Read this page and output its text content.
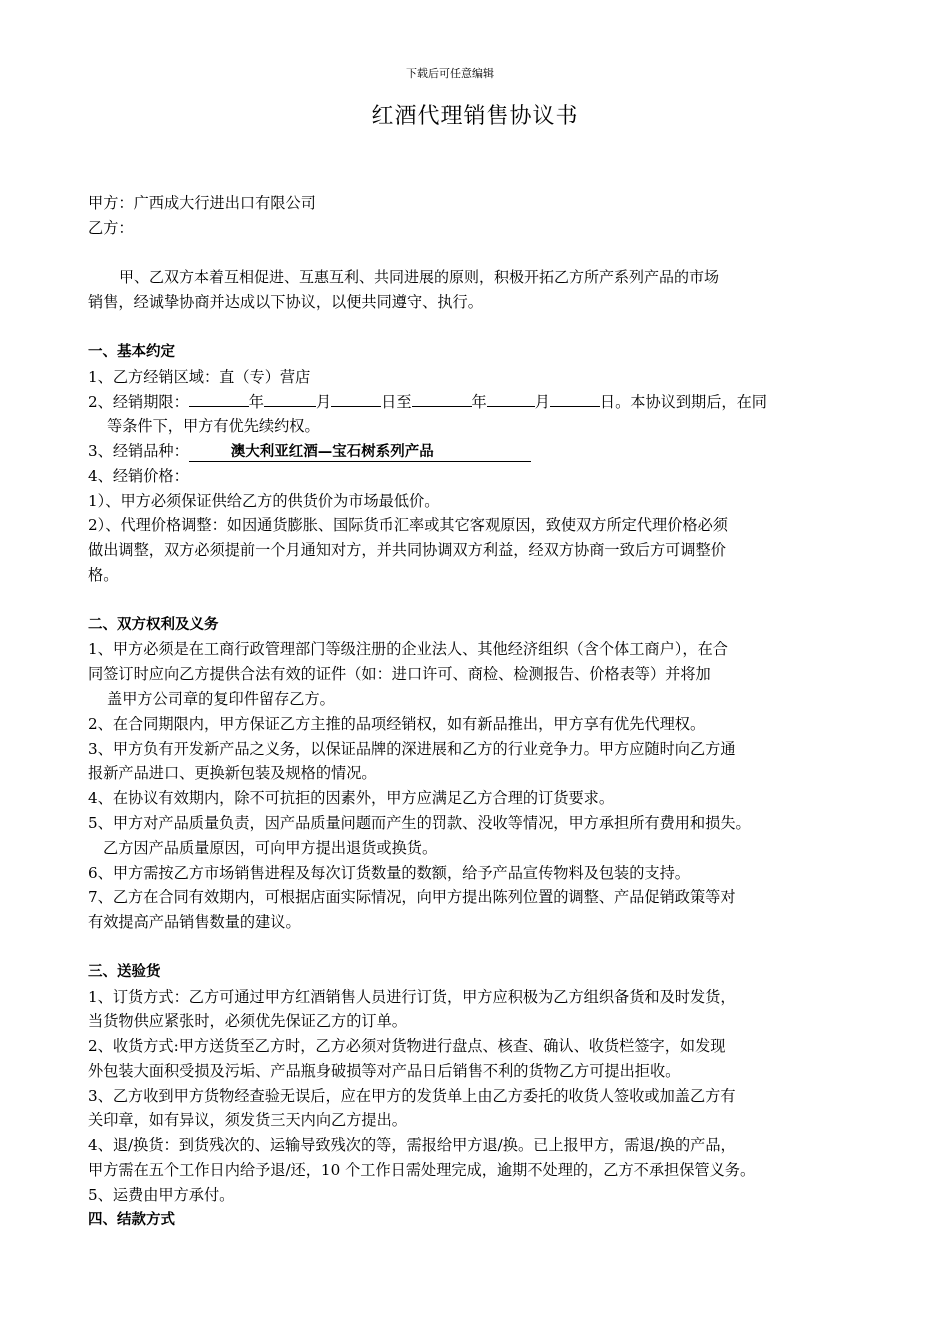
下载后可任意编辑
红酒代理销售协议书
甲方：广西成大行进出口有限公司
乙方：
甲、乙双方本着互相促进、互惠互利、共同进展的原则，积极开拓乙方所产系列产品的市场
销售，经诚挚协商并达成以下协议，以便共同遵守、执行。
一、基本约定
1、乙方经销区域：直（专）营店
2、经销期限：	年	月	日至	年	月	日。本协议到期后，在同
等条件下，甲方有优先续约权。
3、经销品种：	澳大利亚红酒—宝石树系列产品
4、经销价格：
1）、甲方必须保证供给乙方的供货价为市场最低价。
2）、代理价格调整：如因通货膨胀、国际货币汇率或其它客观原因，致使双方所定代理价格必须
做出调整，双方必须提前一个月通知对方，并共同协调双方利益，经双方协商一致后方可调整价
格。
二、双方权利及义务
1、甲方必须是在工商行政管理部门等级注册的企业法人、其他经济组织（含个体工商户），在合
同签订时应向乙方提供合法有效的证件（如：进口许可、商检、检测报告、价格表等）并将加
盖甲方公司章的复印件留存乙方。
2、在合同期限内，甲方保证乙方主推的品项经销权，如有新品推出，甲方享有优先代理权。
3、甲方负有开发新产品之义务，以保证品牌的深进展和乙方的行业竞争力。甲方应随时向乙方通
报新产品进口、更换新包装及规格的情况。
4、在协议有效期内，除不可抗拒的因素外，甲方应满足乙方合理的订货要求。
5、甲方对产品质量负责，因产品质量问题而产生的罚款、没收等情况，甲方承担所有费用和损失。
乙方因产品质量原因，可向甲方提出退货或换货。
6、甲方需按乙方市场销售进程及每次订货数量的数额，给予产品宣传物料及包装的支持。
7、乙方在合同有效期内，可根据店面实际情况，向甲方提出陈列位置的调整、产品促销政策等对
有效提高产品销售数量的建议。
三、送验货
1、订货方式：乙方可通过甲方红酒销售人员进行订货，甲方应积极为乙方组织备货和及时发货，
当货物供应紧张时，必须优先保证乙方的订单。
2、收货方式:甲方送货至乙方时，乙方必须对货物进行盘点、核查、确认、收货栏签字，如发现
外包装大面积受损及污垢、产品瓶身破损等对产品日后销售不利的货物乙方可提出拒收。
3、乙方收到甲方货物经查验无误后，应在甲方的发货单上由乙方委托的收货人签收或加盖乙方有
关印章，如有异议，须发货三天内向乙方提出。
4、退/换货：到货残次的、运输导致残次的等，需报给甲方退/换。已上报甲方，需退/换的产品，
甲方需在五个工作日内给予退/还，10 个工作日需处理完成，逾期不处理的，乙方不承担保管义务。
5、运费由甲方承付。
四、结款方式
